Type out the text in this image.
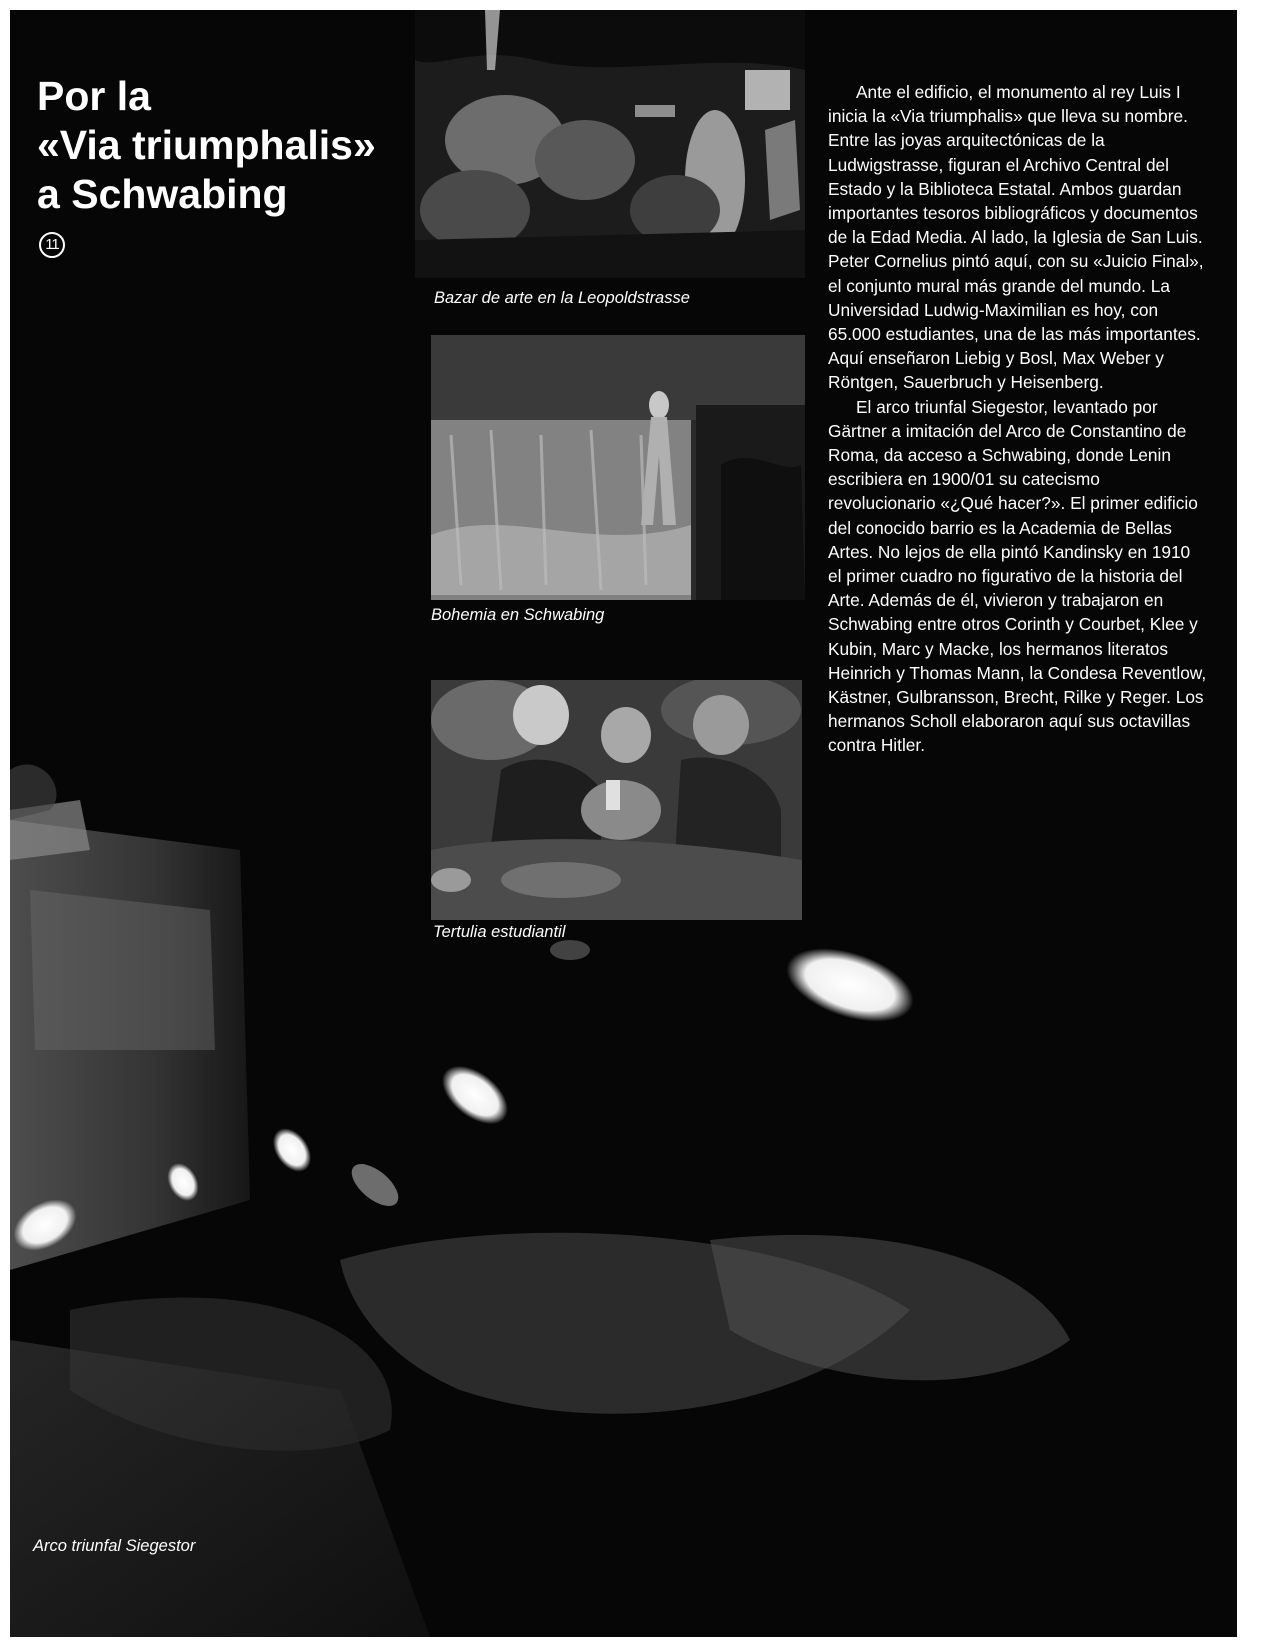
Por la
«Via triumphalis»
a Schwabing
11
Bazar de arte en la Leopoldstrasse
Bohemia en Schwabing
Tertulia estudiantil
Arco triunfal Siegestor

Ante el edificio, el monumento al rey Luis I inicia la «Via triumphalis» que lleva su nombre. Entre las joyas arquitectónicas de la Ludwigstrasse, figuran el Archivo Central del Estado y la Biblioteca Estatal. Ambos guardan importantes tesoros bibliográficos y documentos de la Edad Media. Al lado, la Iglesia de San Luis. Peter Cornelius pintó aquí, con su «Juicio Final», el conjunto mural más grande del mundo. La Universidad Ludwig-Maximilian es hoy, con 65.000 estudiantes, una de las más importantes. Aquí enseñaron Liebig y Bosl, Max Weber y Röntgen, Sauerbruch y Heisenberg.

El arco triunfal Siegestor, levantado por Gärtner a imitación del Arco de Constantino de Roma, da acceso a Schwabing, donde Lenin escribiera en 1900/01 su catecismo revolucionario «¿Qué hacer?». El primer edificio del conocido barrio es la Academia de Bellas Artes. No lejos de ella pintó Kandinsky en 1910 el primer cuadro no figurativo de la historia del Arte. Además de él, vivieron y trabajaron en Schwabing entre otros Corinth y Courbet, Klee y Kubin, Marc y Macke, los hermanos literatos Heinrich y Thomas Mann, la Condesa Reventlow, Kästner, Gulbransson, Brecht, Rilke y Reger. Los hermanos Scholl elaboraron aquí sus octavillas contra Hitler.
